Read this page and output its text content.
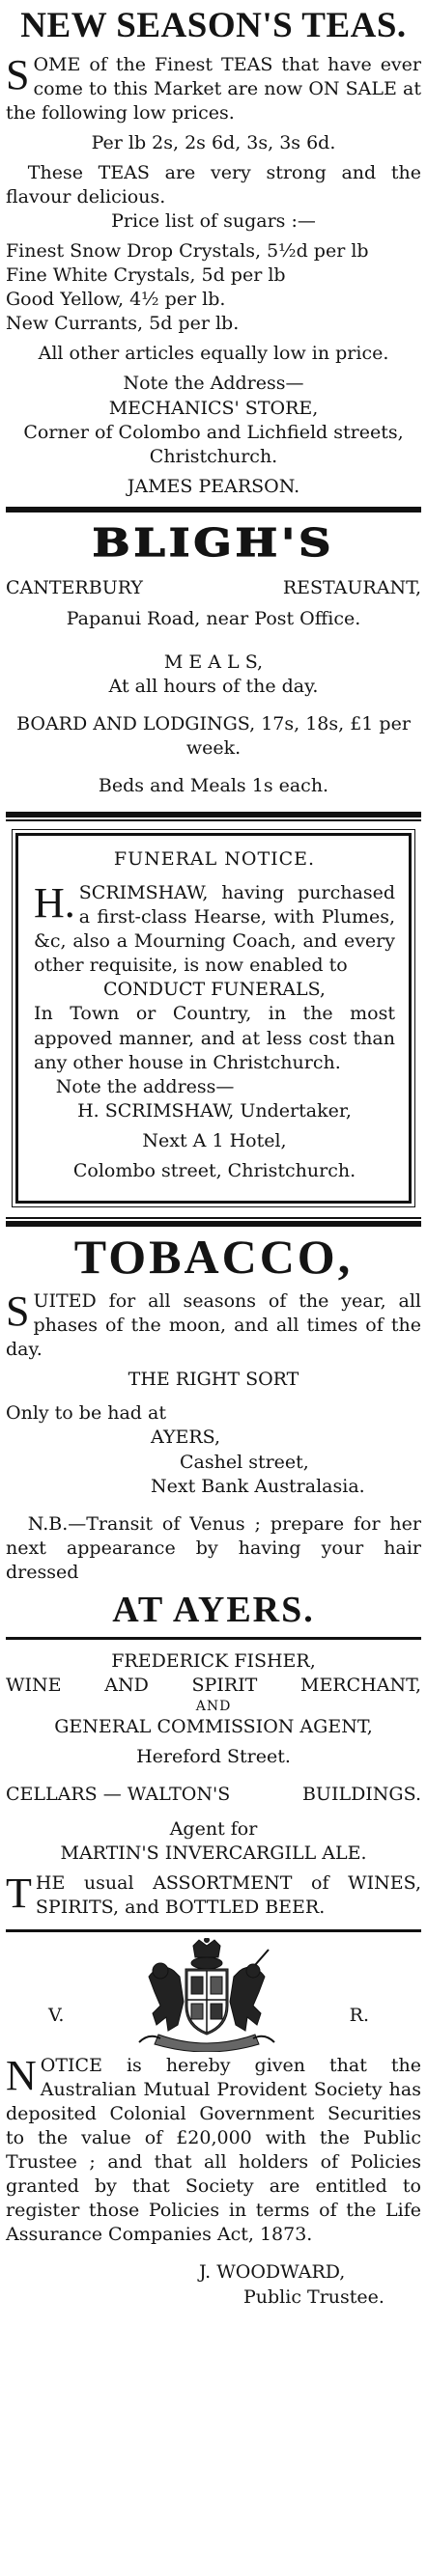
NEW SEASON'S TEAS.

SOME of the Finest TEAS that have ever come to this Market are now ON SALE at the following low prices.

Per lb 2s, 2s 6d, 3s, 3s 6d.

These TEAS are very strong and the flavour delicious.

Price list of sugars :—

Finest Snow Drop Crystals, 5½d per lb

Fine White Crystals, 5d per lb

Good Yellow, 4½ per lb.

New Currants, 5d per lb.

All other articles equally low in price.

Note the Address—

MECHANICS' STORE,

Corner of Colombo and Lichfield streets, Christchurch.

JAMES PEARSON.

BLIGH'S
CANTERBURY	RESTAURANT,

Papanui Road, near Post Office.

M E A L S,

At all hours of the day.

BOARD AND LODGINGS, 17s, 18s, £1 per week.

Beds and Meals 1s each.

FUNERAL NOTICE.

H. SCRIMSHAW, having purchased a first-class Hearse, with Plumes, &c, also a Mourning Coach, and every other requisite, is now enabled to

CONDUCT FUNERALS,

In Town or Country, in the most appoved manner, and at less cost than any other house in Christchurch.

Note the address—

H. SCRIMSHAW, Undertaker,

Next A 1 Hotel,

Colombo street, Christchurch.

TOBACCO,

SUITED for all seasons of the year, all phases of the moon, and all times of the day.

THE RIGHT SORT

Only to be had at

AYERS,

Cashel street,

Next Bank Australasia.

N.B.—Transit of Venus ; prepare for her next appearance by having your hair dressed

AT AYERS.

FREDERICK FISHER,

WINE AND SPIRIT MERCHANT,

AND

GENERAL COMMISSION AGENT,

Hereford Street.

CELLARS — WALTON'S	BUILDINGS.

Agent for

MARTIN'S INVERCARGILL ALE.

THE usual ASSORTMENT of WINES, SPIRITS, and BOTTLED BEER.

V.	R.

NOTICE is hereby given that the Australian Mutual Provident Society has deposited Colonial Government Securities to the value of £20,000 with the Public Trustee ; and that all holders of Policies granted by that Society are entitled to register those Policies in terms of the Life Assurance Companies Act, 1873.

J. WOODWARD,

Public Trustee.
